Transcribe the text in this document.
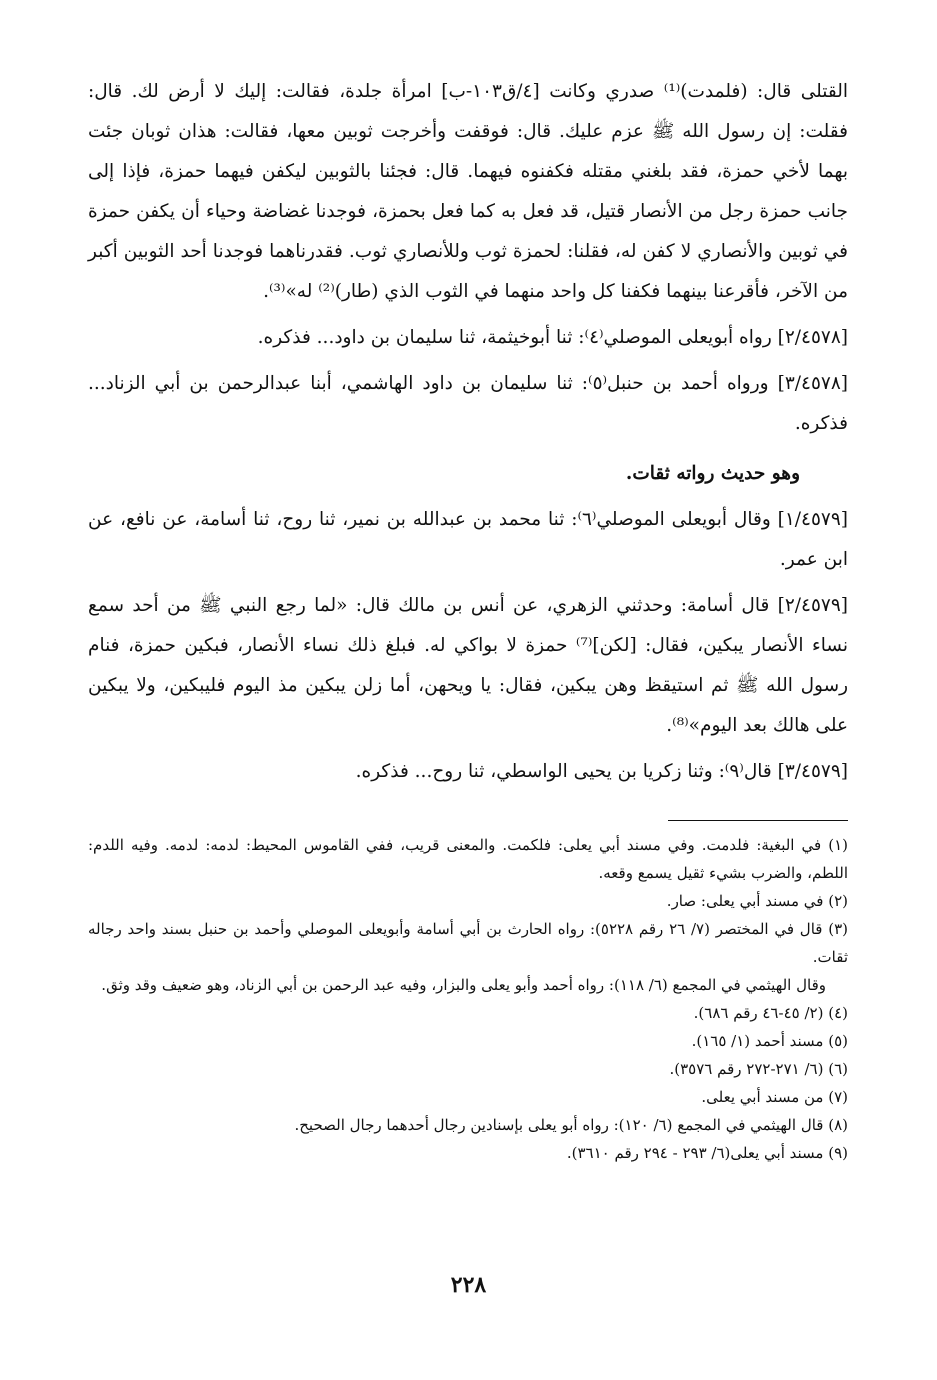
القتلى قال: (فلمدت)⁽¹⁾ صدري وكانت [٤/ق١٠٣-ب] امرأة جلدة، فقالت: إليك لا أرض لك. قال: فقلت: إن رسول الله ﷺ عزم عليك. قال: فوقفت وأخرجت ثوبين معها، فقالت: هذان ثوبان جئت بهما لأخي حمزة، فقد بلغني مقتله فكفنوه فيهما. قال: فجئنا بالثوبين ليكفن فيهما حمزة، فإذا إلى جانب حمزة رجل من الأنصار قتيل، قد فعل به كما فعل بحمزة، فوجدنا غضاضة وحياء أن يكفن حمزة في ثوبين والأنصاري لا كفن له، فقلنا: لحمزة ثوب وللأنصاري ثوب. فقدرناهما فوجدنا أحد الثوبين أكبر من الآخر، فأقرعنا بينهما فكفنا كل واحد منهما في الثوب الذي (طار)⁽²⁾ له»⁽³⁾.

[٢/٤٥٧٨] رواه أبويعلى الموصلي⁽٤⁾: ثنا أبوخيثمة، ثنا سليمان بن داود... فذكره.

[٣/٤٥٧٨] ورواه أحمد بن حنبل⁽٥⁾: ثنا سليمان بن داود الهاشمي، أبنا عبدالرحمن بن أبي الزناد... فذكره.

وهو حديث رواته ثقات.

[١/٤٥٧٩] وقال أبويعلى الموصلي⁽٦⁾: ثنا محمد بن عبدالله بن نمير، ثنا روح، ثنا أسامة، عن نافع، عن ابن عمر.

[٢/٤٥٧٩] قال أسامة: وحدثني الزهري، عن أنس بن مالك قال: «لما رجع النبي ﷺ من أحد سمع نساء الأنصار يبكين، فقال: [لكن]⁽⁷⁾ حمزة لا بواكي له. فبلغ ذلك نساء الأنصار، فبكين حمزة، فنام رسول الله ﷺ ثم استيقظ وهن يبكين، فقال: يا ويحهن، أما زلن يبكين مذ اليوم فليبكين، ولا يبكين على هالك بعد اليوم»⁽⁸⁾.

[٣/٤٥٧٩] قال⁽٩⁾: وثنا زكريا بن يحيى الواسطي، ثنا روح... فذكره.

(١) في البغية: فلدمت. وفي مسند أبي يعلى: فلكمت. والمعنى قريب، ففي القاموس المحيط: لدمه: لدمه. وفيه اللدم: اللطم، والضرب بشيء ثقيل يسمع وقعه.
(٢) في مسند أبي يعلى: صار.
(٣) قال في المختصر (٧/ ٢٦ رقم ٥٢٢٨): رواه الحارث بن أبي أسامة وأبويعلى الموصلي وأحمد بن حنبل بسند واحد رجاله ثقات.
وقال الهيثمي في المجمع (٦/ ١١٨): رواه أحمد وأبو يعلى والبزار، وفيه عبد الرحمن بن أبي الزناد، وهو ضعيف وقد وثق.
(٤) (٢/ ٤٥-٤٦ رقم ٦٨٦).
(٥) مسند أحمد (١/ ١٦٥).
(٦) (٦/ ٢٧١-٢٧٢ رقم ٣٥٧٦).
(٧) من مسند أبي يعلى.
(٨) قال الهيثمي في المجمع (٦/ ١٢٠): رواه أبو يعلى بإسنادين رجال أحدهما رجال الصحيح.
(٩) مسند أبي يعلى(٦/ ٢٩٣ - ٢٩٤ رقم ٣٦١٠).
٢٢٨
